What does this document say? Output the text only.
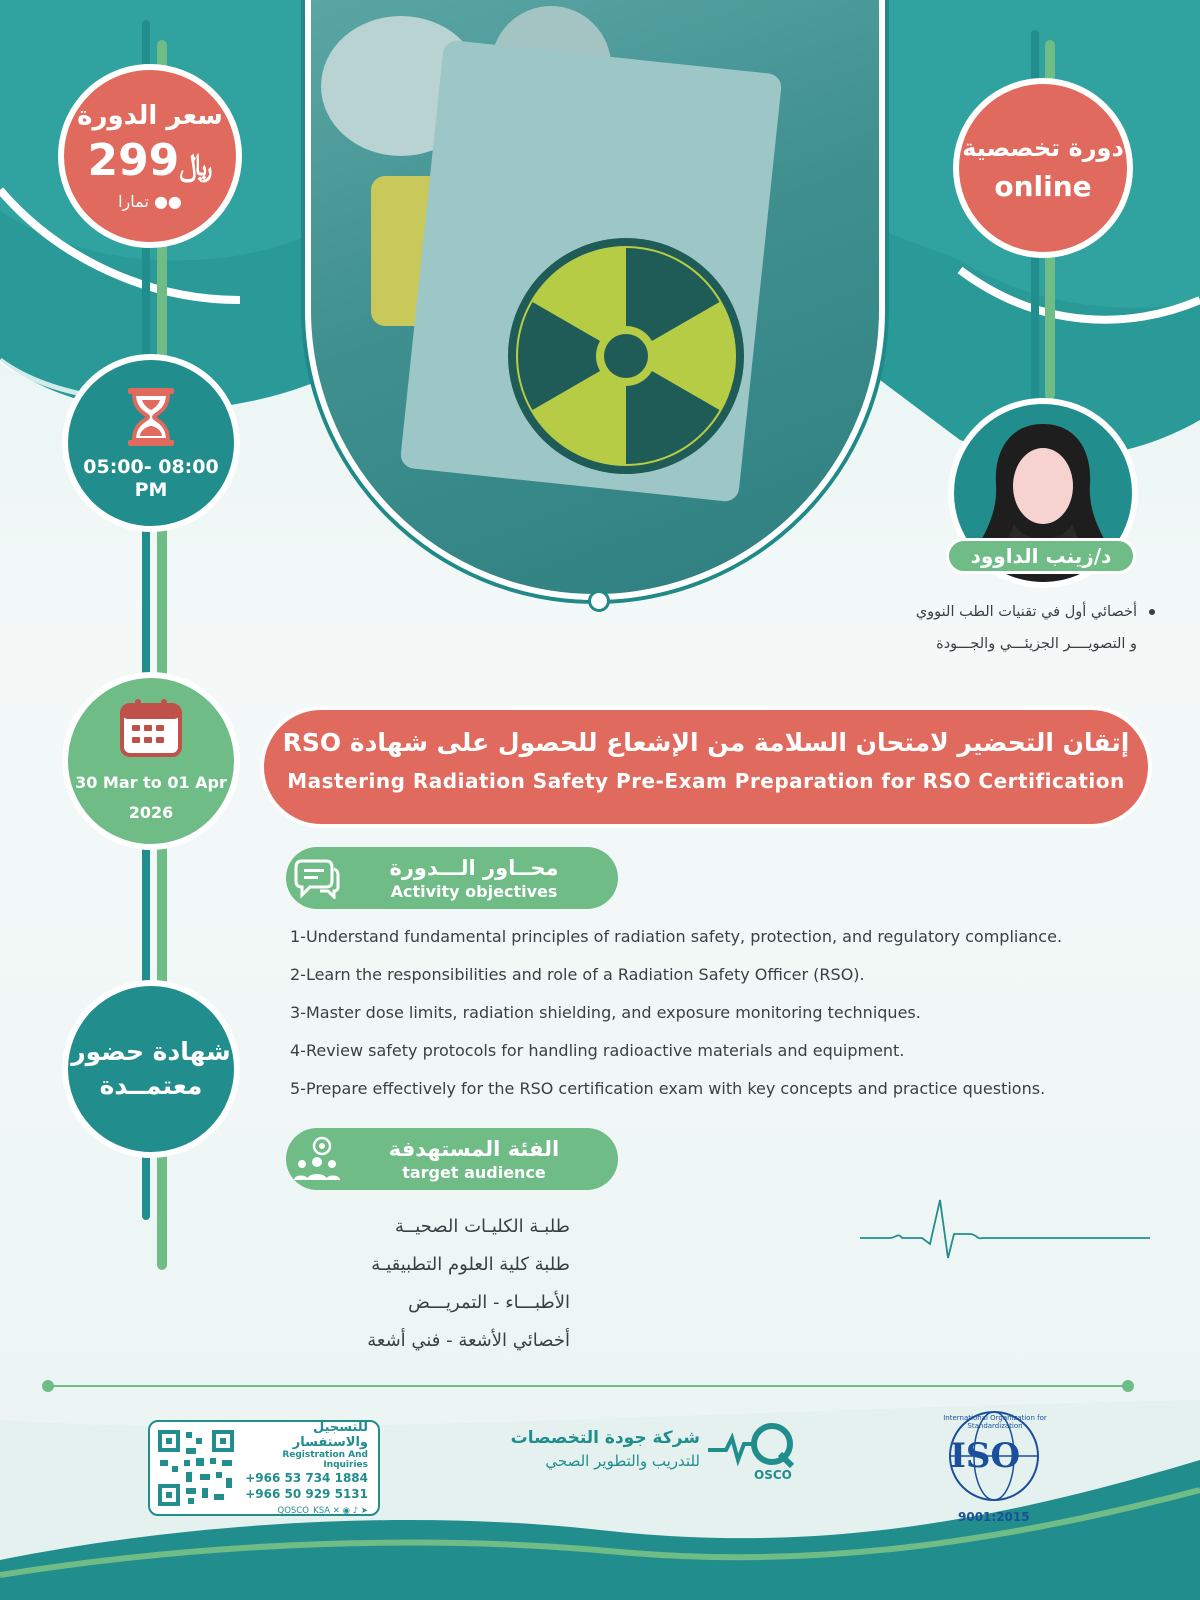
سعر الدورة
299﷼
تمارا ●●
دورة تخصصية
online
05:00- 08:00 PM
30 Mar to 01 Apr
2026
شهادة حضور
معتمــدة
د/زينب الداوود
أخصائي أول في تقنيات الطب النووي
و التصويــــر الجزيئـــي والجـــودة
إتقان التحضير لامتحان السلامة من الإشعاع للحصول على شهادة RSO
Mastering Radiation Safety Pre-Exam Preparation for RSO Certification
محــاور الـــدورة
Activity objectives
1-Understand fundamental principles of radiation safety, protection, and regulatory compliance.
2-Learn the responsibilities and role of a Radiation Safety Officer (RSO).
3-Master dose limits, radiation shielding, and exposure monitoring techniques.
4-Review safety protocols for handling radioactive materials and equipment.
5-Prepare effectively for the RSO certification exam with key concepts and practice questions.
الفئة المستهدفة
target audience
طلبـة الكليـات الصحيــة
طلبة كلية العلوم التطبيقيـة
الأطبـــاء - التمريـــض
أخصائي الأشعة - فني أشعة
للتسجيل والاستفسار
Registration And Inquiries
+966 53 734 1884
+966 50 929 5131
QOSCO_KSA ✕ ◉ ♪ ➤
شركة جودة التخصصات
للتدريب والتطوير الصحي
OSCO
International Organization for Standardization
ISO
9001:2015
